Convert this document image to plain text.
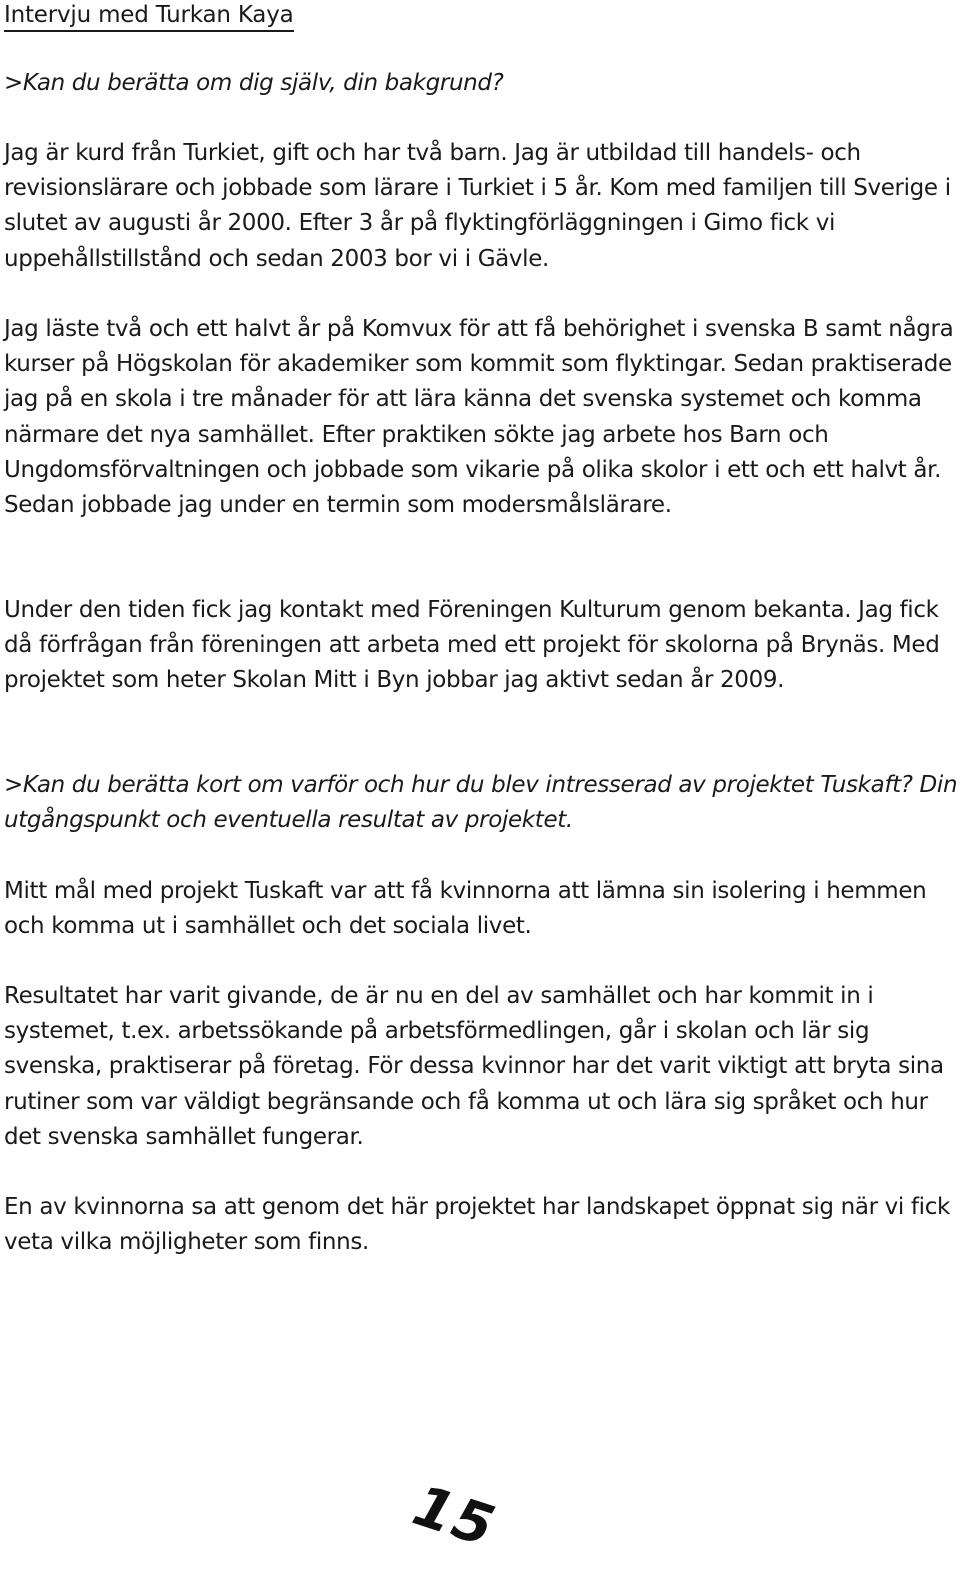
Intervju med Turkan Kaya

>Kan du berätta om dig själv, din bakgrund?

Jag är kurd från Turkiet, gift och har två barn. Jag är utbildad till handels- och revisionslärare och jobbade som lärare i Turkiet i 5 år. Kom med familjen till Sverige i slutet av augusti år 2000. Efter 3 år på flyktingförläggningen i Gimo fick vi uppehållstillstånd och sedan 2003 bor vi i Gävle.

Jag läste två och ett halvt år på Komvux för att få behörighet i svenska B samt några kurser på Högskolan för akademiker som kommit som flyktingar. Sedan praktiserade jag på en skola i tre månader för att lära känna det svenska systemet och komma närmare det nya samhället. Efter praktiken sökte jag arbete hos Barn och Ungdomsförvaltningen och jobbade som vikarie på olika skolor i ett och ett halvt år. Sedan jobbade jag under en termin som modersmålslärare.

Under den tiden fick jag kontakt med Föreningen Kulturum genom bekanta. Jag fick då förfrågan från föreningen att arbeta med ett projekt för skolorna på Brynäs. Med projektet som heter Skolan Mitt i Byn jobbar jag aktivt sedan år 2009.

>Kan du berätta kort om varför och hur du blev intresserad av projektet Tuskaft? Din utgångspunkt och eventuella resultat av projektet.

Mitt mål med projekt Tuskaft var att få kvinnorna att lämna sin isolering i hemmen och komma ut i samhället och det sociala livet.

Resultatet har varit givande, de är nu en del av samhället och har kommit in i systemet, t.ex. arbetssökande på arbetsförmedlingen, går i skolan och lär sig svenska, praktiserar på företag. För dessa kvinnor har det varit viktigt att bryta sina rutiner som var väldigt begränsande och få komma ut och lära sig språket och hur det svenska samhället fungerar.

En av kvinnorna sa att genom det här projektet har landskapet öppnat sig när vi fick veta vilka möjligheter som finns.

15
